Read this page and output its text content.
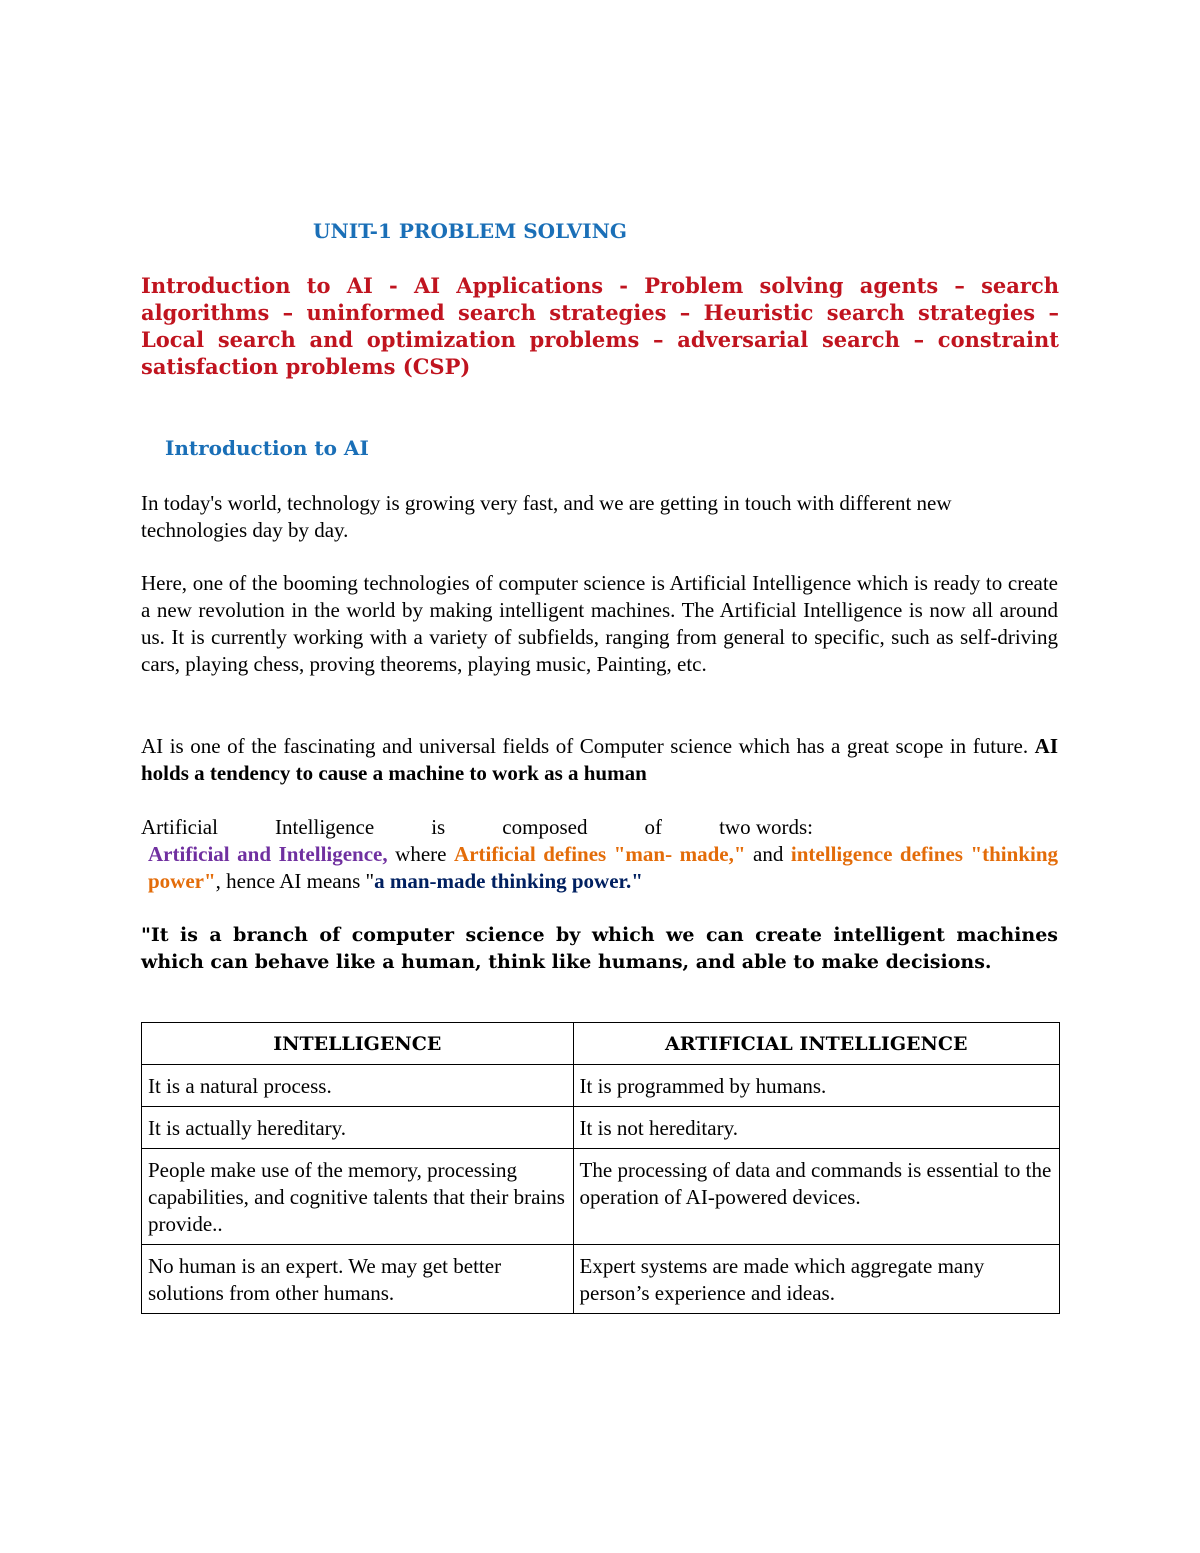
UNIT-1 PROBLEM SOLVING
Introduction to AI - AI Applications - Problem solving agents – search algorithms – uninformed search strategies – Heuristic search strategies – Local search and optimization problems – adversarial search – constraint satisfaction problems (CSP)
Introduction to AI

In today's world, technology is growing very fast, and we are getting in touch with different new technologies day by day.

Here, one of the booming technologies of computer science is Artificial Intelligence which is ready to create a new revolution in the world by making intelligent machines. The Artificial Intelligence is now all around us. It is currently working with a variety of subfields, ranging from general to specific, such as self-driving cars, playing chess, proving theorems, playing music, Painting, etc.

AI is one of the fascinating and universal fields of Computer science which has a great scope in future. AI holds a tendency to cause a machine to work as a human

Artificial	Intelligence	is	composed	of	two words:
Artificial and Intelligence, where Artificial defines "man- made," and intelligence defines "thinking power", hence AI means "a man-made thinking power."

"It is a branch of computer science by which we can create intelligent machines which can behave like a human, think like humans, and able to make decisions.

INTELLIGENCE	ARTIFICIAL INTELLIGENCE
It is a natural process.	It is programmed by humans.
It is actually hereditary.	It is not hereditary.
People make use of the memory, processing capabilities, and cognitive talents that their brains provide..	The processing of data and commands is essential to the operation of AI-powered devices.
No human is an expert. We may get better solutions from other humans.	Expert systems are made which aggregate many person’s experience and ideas.
